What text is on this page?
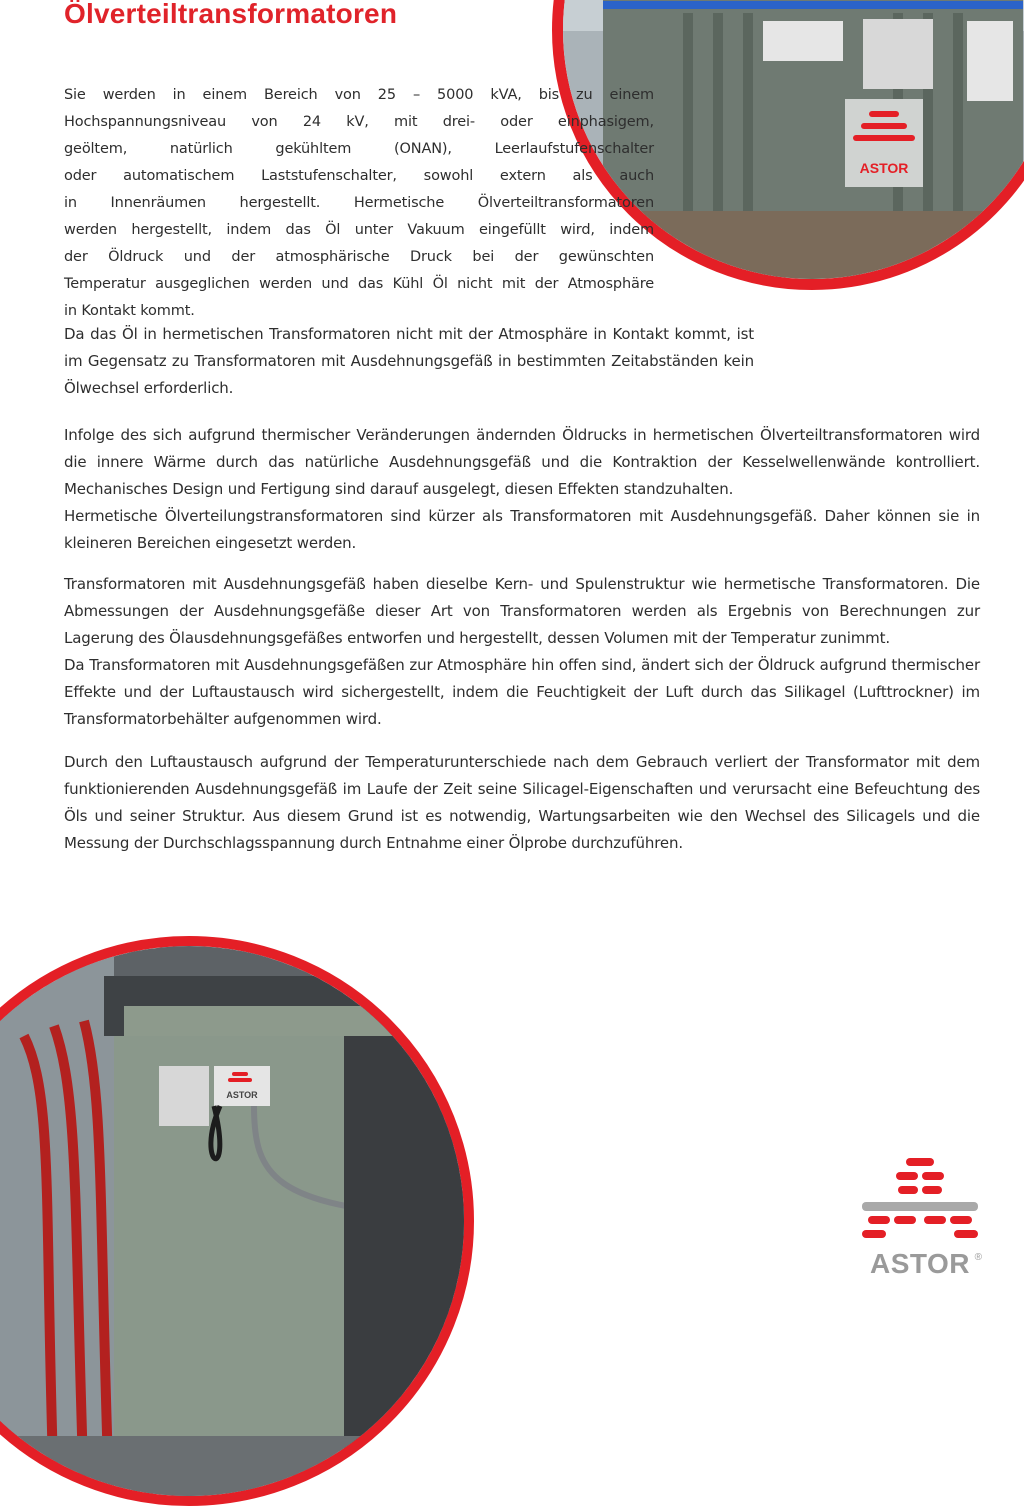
Ölverteiltransformatoren
ASTOR

Sie werden in einem Bereich von 25 – 5000 kVA, bis zu einem
Hochspannungsniveau von 24 kV, mit drei- oder einphasigem,
geöltem, natürlich gekühltem (ONAN), Leerlaufstufenschalter
oder automatischem Laststufenschalter, sowohl extern als auch
in Innenräumen hergestellt. Hermetische Ölverteiltransformatoren
werden hergestellt, indem das Öl unter Vakuum eingefüllt wird, indem
der Öldruck und der atmosphärische Druck bei der gewünschten
Temperatur ausgeglichen werden und das Kühl Öl nicht mit der Atmosphäre
in Kontakt kommt.

Da das Öl in hermetischen Transformatoren nicht mit der Atmosphäre in Kontakt kommt, ist im Gegensatz zu Transformatoren mit Ausdehnungsgefäß in bestimmten Zeitabständen kein Ölwechsel erforderlich.

Infolge des sich aufgrund thermischer Veränderungen ändernden Öldrucks in hermetischen Ölverteiltransformatoren wird die innere Wärme durch das natürliche Ausdehnungsgefäß und die Kontraktion der Kesselwellenwände kontrolliert. Mechanisches Design und Fertigung sind darauf ausgelegt, diesen Effekten standzuhalten.
Hermetische Ölverteilungstransformatoren sind kürzer als Transformatoren mit Ausdehnungsgefäß. Daher können sie in kleineren Bereichen eingesetzt werden.
Transformatoren mit Ausdehnungsgefäß haben dieselbe Kern- und Spulenstruktur wie hermetische Transformatoren. Die Abmessungen der Ausdehnungsgefäße dieser Art von Transformatoren werden als Ergebnis von Berechnungen zur Lagerung des Ölausdehnungsgefäßes entworfen und hergestellt, dessen Volumen mit der Temperatur zunimmt.
Da Transformatoren mit Ausdehnungsgefäßen zur Atmosphäre hin offen sind, ändert sich der Öldruck aufgrund thermischer Effekte und der Luftaustausch wird sichergestellt, indem die Feuchtigkeit der Luft durch das Silikagel (Lufttrockner) im Transformatorbehälter aufgenommen wird.

Durch den Luftaustausch aufgrund der Temperaturunterschiede nach dem Gebrauch verliert der Transformator mit dem funktionierenden Ausdehnungsgefäß im Laufe der Zeit seine Silicagel-Eigenschaften und verursacht eine Befeuchtung des Öls und seiner Struktur. Aus diesem Grund ist es notwendig, Wartungsarbeiten wie den Wechsel des Silicagels und die Messung der Durchschlagsspannung durch Entnahme einer Ölprobe durchzuführen.

ASTOR
ASTOR ®
